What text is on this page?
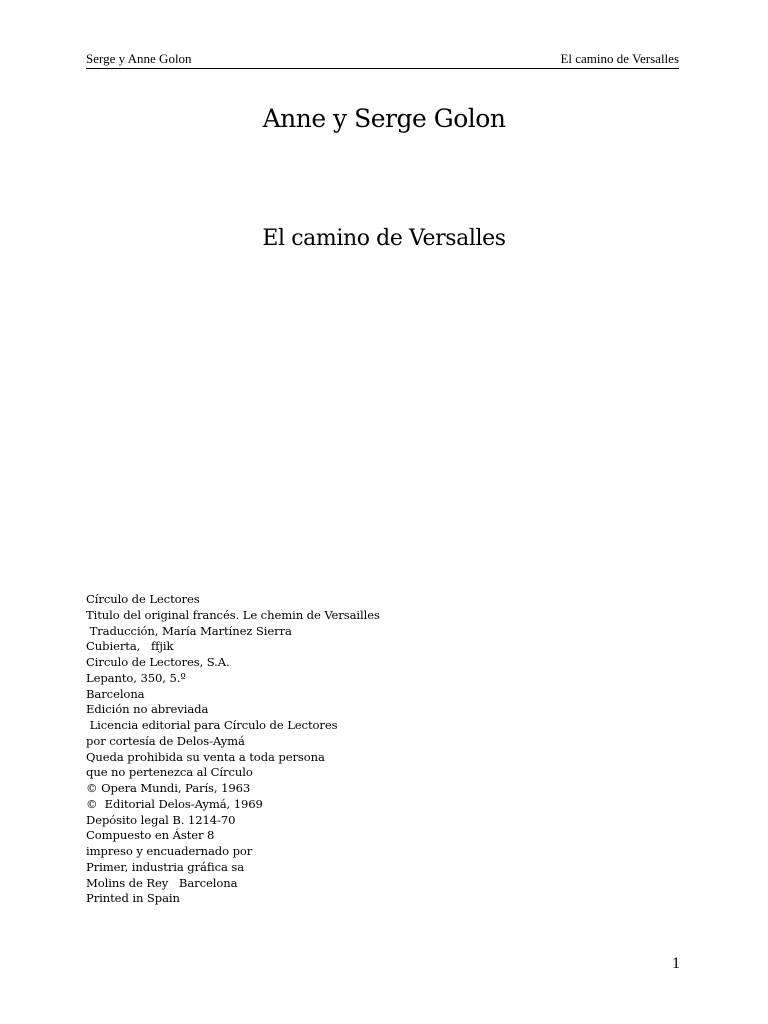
Serge y Anne Golon	El camino de Versalles
Anne y Serge Golon
El camino de Versalles
Círculo de Lectores
Titulo del original francés. Le chemin de Versailles
Traducción, María Martínez Sierra
Cubierta,   ffjik
Circulo de Lectores, S.A.
Lepanto, 350, 5.º
Barcelona
Edición no abreviada
Licencia editorial para Círculo de Lectores
por cortesía de Delos-Aymá
Queda prohibida su venta a toda persona
que no pertenezca al Círculo
© Opera Mundi, París, 1963
©  Editorial Delos-Aymá, 1969
Depósito legal B. 1214-70
Compuesto en Áster 8
impreso y encuadernado por
Primer, industria gráfica sa
Molins de Rey   Barcelona
Printed in Spain
1
